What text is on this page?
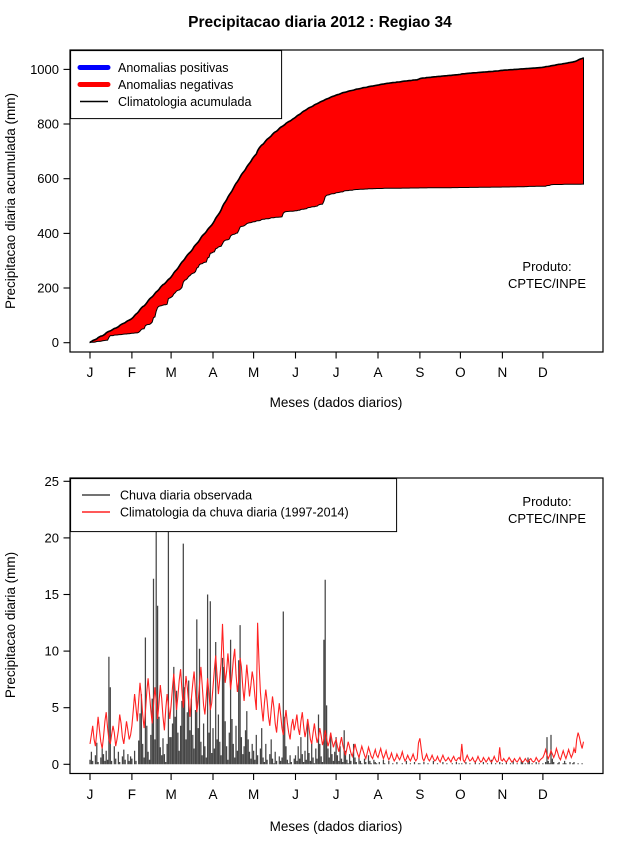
Precipitacao diaria 2012 : Regiao 34
0
200
400
600
800
1000
J	F M A M J	J	A S O N D
Meses (dados diarios)
Precipitacao diaria acumulada (mm)	Produto:
CPTEC/INPE
Anomalias positivas
Anomalias negativas
Climatologia acumulada
Chuva diaria observada
Climatologia da chuva diaria (1997-2014)
0
5
10
15
20
25
J	F M A M J	J	A S O N D
Meses (dados diarios)
Precipitacao diaria (mm)
Produto:
CPTEC/INPE
